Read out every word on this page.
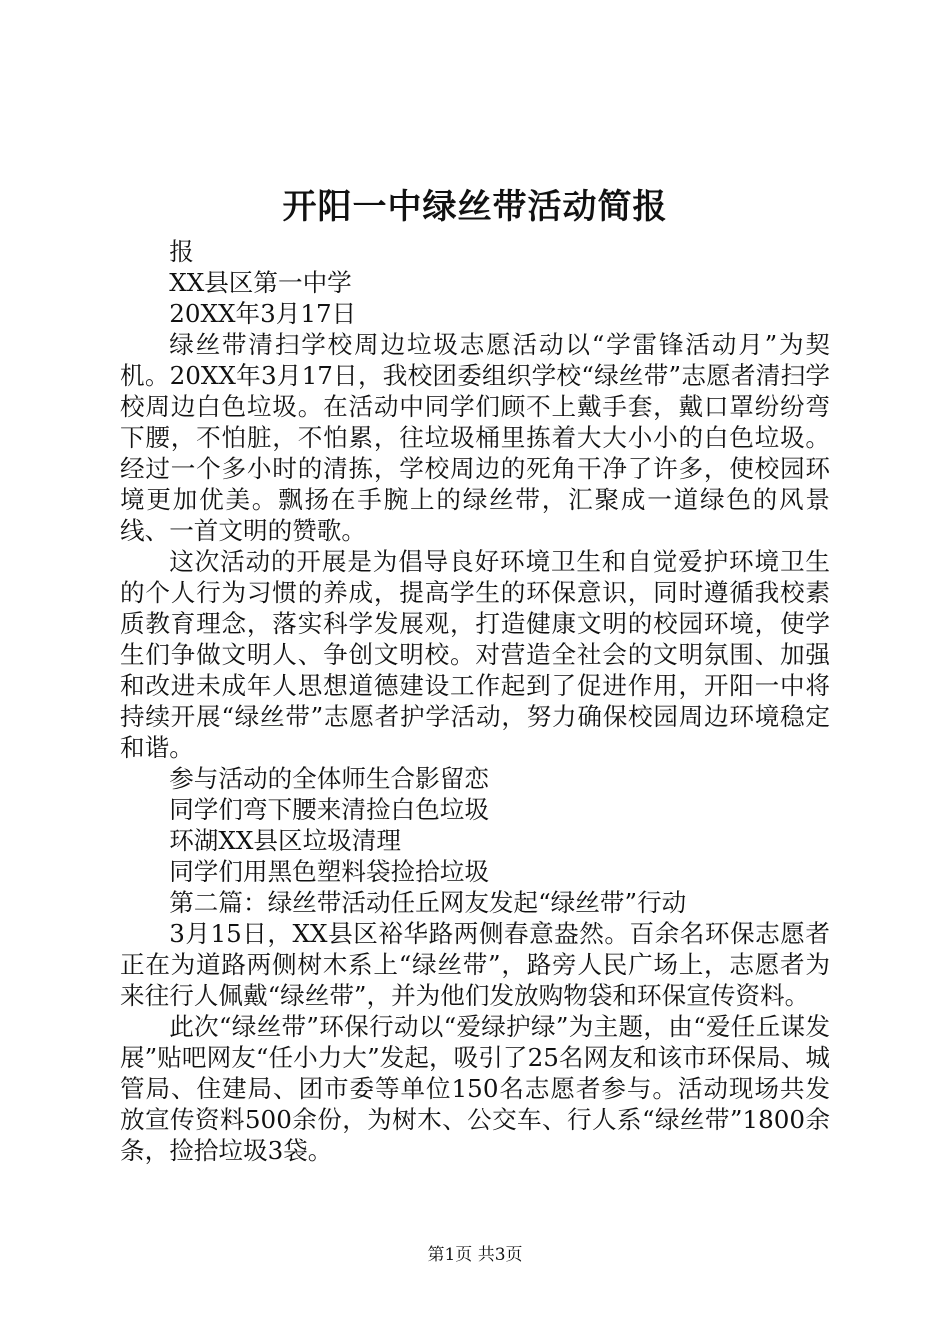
开阳一中绿丝带活动简报

报

XX县区第一中学

20XX年3月17日

绿丝带清扫学校周边垃圾志愿活动以“学雷锋活动月”为契机。20XX年3月17日，我校团委组织学校“绿丝带”志愿者清扫学校周边白色垃圾。在活动中同学们顾不上戴手套，戴口罩纷纷弯下腰，不怕脏，不怕累，往垃圾桶里拣着大大小小的白色垃圾。经过一个多小时的清拣，学校周边的死角干净了许多，使校园环境更加优美。飘扬在手腕上的绿丝带，汇聚成一道绿色的风景线、一首文明的赞歌。

这次活动的开展是为倡导良好环境卫生和自觉爱护环境卫生的个人行为习惯的养成，提高学生的环保意识，同时遵循我校素质教育理念，落实科学发展观，打造健康文明的校园环境，使学生们争做文明人、争创文明校。对营造全社会的文明氛围、加强和改进未成年人思想道德建设工作起到了促进作用，开阳一中将持续开展“绿丝带”志愿者护学活动，努力确保校园周边环境稳定和谐。

参与活动的全体师生合影留恋

同学们弯下腰来清捡白色垃圾

环湖XX县区垃圾清理

同学们用黑色塑料袋捡拾垃圾

第二篇：绿丝带活动任丘网友发起“绿丝带”行动

3月15日，XX县区裕华路两侧春意盎然。百余名环保志愿者正在为道路两侧树木系上“绿丝带”，路旁人民广场上，志愿者为来往行人佩戴“绿丝带”，并为他们发放购物袋和环保宣传资料。

此次“绿丝带”环保行动以“爱绿护绿”为主题，由“爱任丘谋发展”贴吧网友“任小力大”发起，吸引了25名网友和该市环保局、城管局、住建局、团市委等单位150名志愿者参与。活动现场共发放宣传资料500余份，为树木、公交车、行人系“绿丝带”1800余条，捡拾垃圾3袋。

第1页 共3页
